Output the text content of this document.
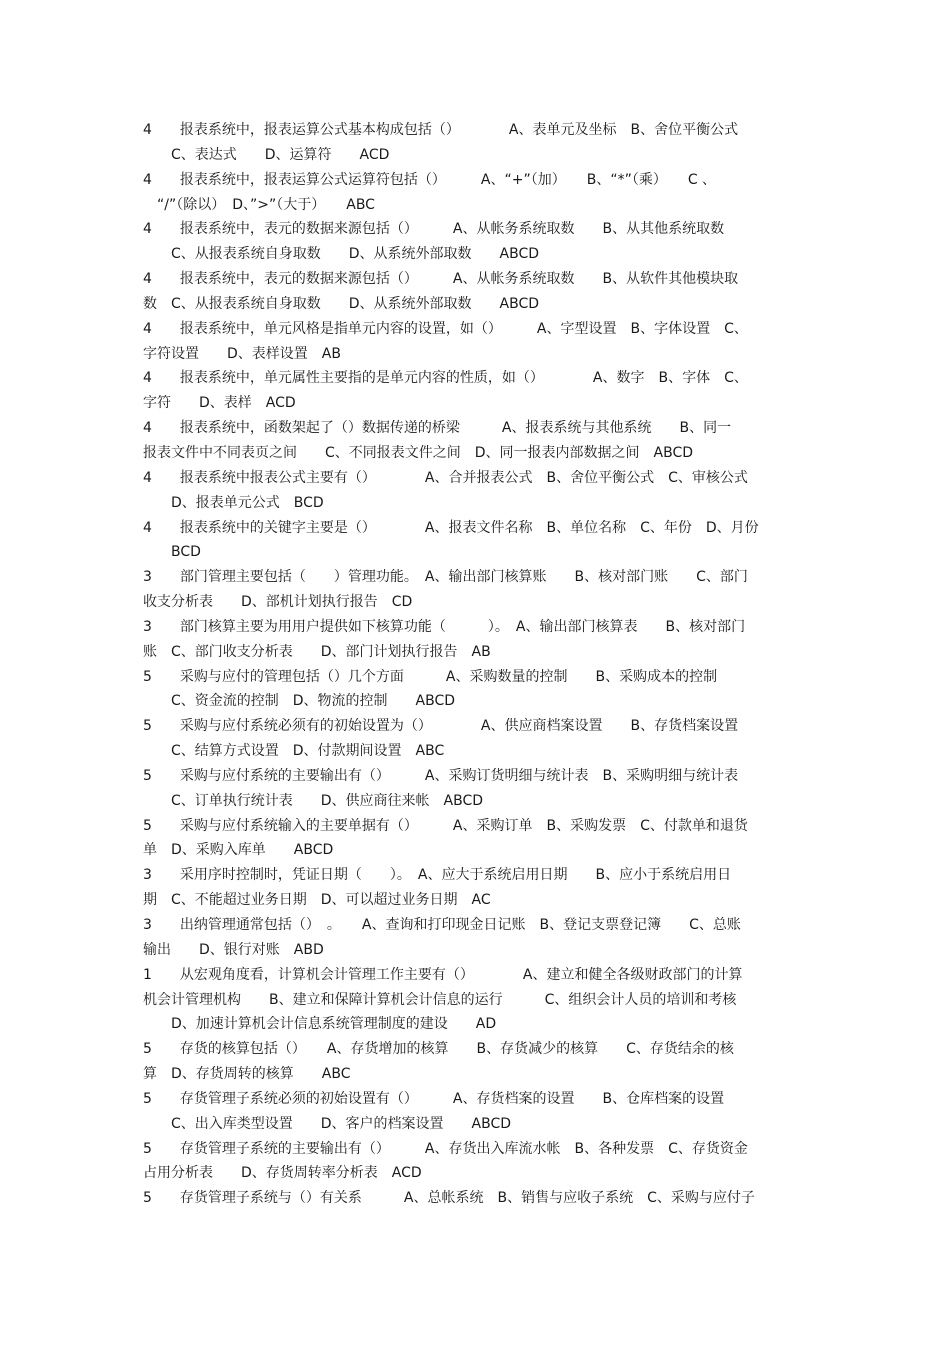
4　　报表系统中，报表运算公式基本构成包括（）　　　　A、表单元及坐标　B、舍位平衡公式
　　C、表达式　　D、运算符　　ACD
4　　报表系统中，报表运算公式运算符包括（）　　　A、“+”（加）　　B、“*”（乘）　　C 、
　“/”（除以）　D、”>”（大于）　　ABC
4　　报表系统中，表元的数据来源包括（）　　　A、从帐务系统取数　　B、从其他系统取数
　　C、从报表系统自身取数　　D、从系统外部取数　　ABCD
4　　报表系统中，表元的数据来源包括（）　　　A、从帐务系统取数　　B、从软件其他模块取
数　C、从报表系统自身取数　　D、从系统外部取数　　ABCD
4　　报表系统中，单元风格是指单元内容的设置，如（）　　　A、字型设置　B、字体设置　C、
字符设置　　D、表样设置　AB
4　　报表系统中，单元属性主要指的是单元内容的性质，如（）　　　　A、数字　B、字体　C、
字符　　D、表样　ACD
4　　报表系统中，函数架起了（）数据传递的桥梁　　　A、报表系统与其他系统　　B、同一
报表文件中不同表页之间　　C、不同报表文件之间　D、同一报表内部数据之间　ABCD
4　　报表系统中报表公式主要有（）　　　　A、合并报表公式　B、舍位平衡公式　C、审核公式
　　D、报表单元公式　BCD
4　　报表系统中的关键字主要是（）　　　　A、报表文件名称　B、单位名称　C、年份　D、月份
　　BCD
3　　部门管理主要包括（　　）管理功能。　A、输出部门核算账　　B、核对部门账　　C、部门
收支分析表　　D、部机计划执行报告　CD
3　　部门核算主要为用用户提供如下核算功能（　　　）。　A、输出部门核算表　　B、核对部门
账　C、部门收支分析表　　D、部门计划执行报告　AB
5　　采购与应付的管理包括（）几个方面　　　A、采购数量的控制　　B、采购成本的控制
　　C、资金流的控制　D、物流的控制　　ABCD
5　　采购与应付系统必须有的初始设置为（）　　　　A、供应商档案设置　　B、存货档案设置
　　C、结算方式设置　D、付款期间设置　ABC
5　　采购与应付系统的主要输出有（）　　　A、采购订货明细与统计表　B、采购明细与统计表
　　C、订单执行统计表　　D、供应商往来帐　ABCD
5　　采购与应付系统输入的主要单据有（）　　　A、采购订单　B、采购发票　C、付款单和退货
单　D、采购入库单　　ABCD
3　　采用序时控制时，凭证日期（　　）。　A、应大于系统启用日期　　B、应小于系统启用日
期　C、不能超过业务日期　D、可以超过业务日期　AC
3　　出纳管理通常包括（）　。　　A、查询和打印现金日记账　B、登记支票登记簿　　C、总账
输出　　D、银行对账　ABD
1　　从宏观角度看，计算机会计管理工作主要有（）　　　　A、建立和健全各级财政部门的计算
机会计管理机构　　B、建立和保障计算机会计信息的运行　　　C、组织会计人员的培训和考核
　　D、加速计算机会计信息系统管理制度的建设　　AD
5　　存货的核算包括（）　　A、存货增加的核算　　B、存货减少的核算　　C、存货结余的核
算　D、存货周转的核算　　ABC
5　　存货管理子系统必须的初始设置有（）　　　A、存货档案的设置　　B、仓库档案的设置
　　C、出入库类型设置　　D、客户的档案设置　　ABCD
5　　存货管理子系统的主要输出有（）　　　A、存货出入库流水帐　B、各种发票　C、存货资金
占用分析表　　D、存货周转率分析表　ACD
5　　存货管理子系统与（）有关系　　　A、总帐系统　B、销售与应收子系统　C、采购与应付子
